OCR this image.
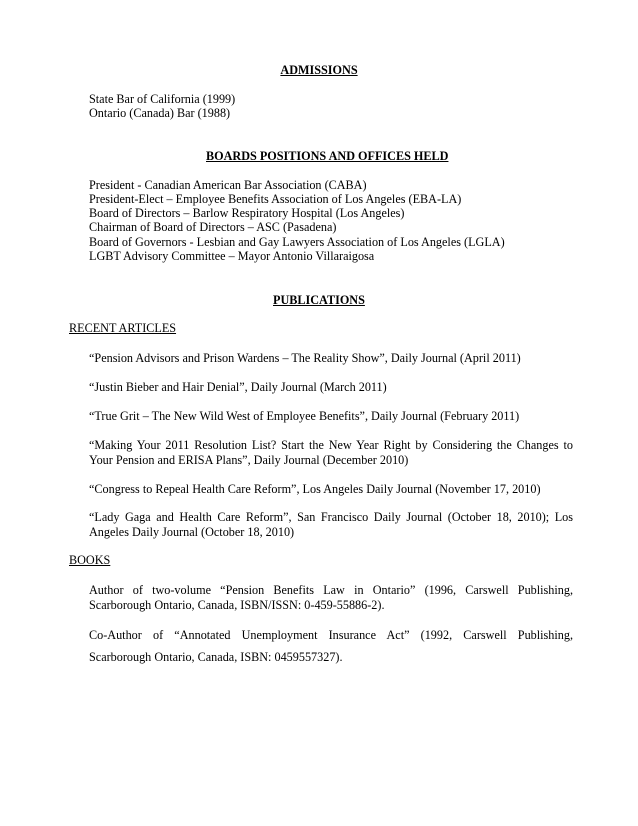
ADMISSIONS
State Bar of California (1999)
Ontario (Canada) Bar (1988)
BOARDS POSITIONS AND OFFICES HELD
President - Canadian American Bar Association (CABA)
President-Elect – Employee Benefits Association of Los Angeles (EBA-LA)
Board of Directors – Barlow Respiratory Hospital (Los Angeles)
Chairman of Board of Directors – ASC (Pasadena)
Board of Governors - Lesbian and Gay Lawyers Association of Los Angeles (LGLA)
LGBT Advisory Committee – Mayor Antonio Villaraigosa
PUBLICATIONS
RECENT ARTICLES
“Pension Advisors and Prison Wardens – The Reality Show”, Daily Journal (April 2011)
“Justin Bieber and Hair Denial”, Daily Journal (March 2011)
“True Grit – The New Wild West of Employee Benefits”, Daily Journal (February 2011)
“Making Your 2011 Resolution List? Start the New Year Right by Considering the Changes to Your Pension and ERISA Plans”, Daily Journal (December 2010)
“Congress to Repeal Health Care Reform”, Los Angeles Daily Journal (November 17, 2010)
“Lady Gaga and Health Care Reform”, San Francisco Daily Journal (October 18, 2010); Los Angeles Daily Journal (October 18, 2010)
BOOKS
Author of two-volume “Pension Benefits Law in Ontario” (1996, Carswell Publishing, Scarborough Ontario, Canada, ISBN/ISSN: 0-459-55886-2).
Co-Author of “Annotated Unemployment Insurance Act” (1992, Carswell Publishing, Scarborough Ontario, Canada, ISBN: 0459557327).
